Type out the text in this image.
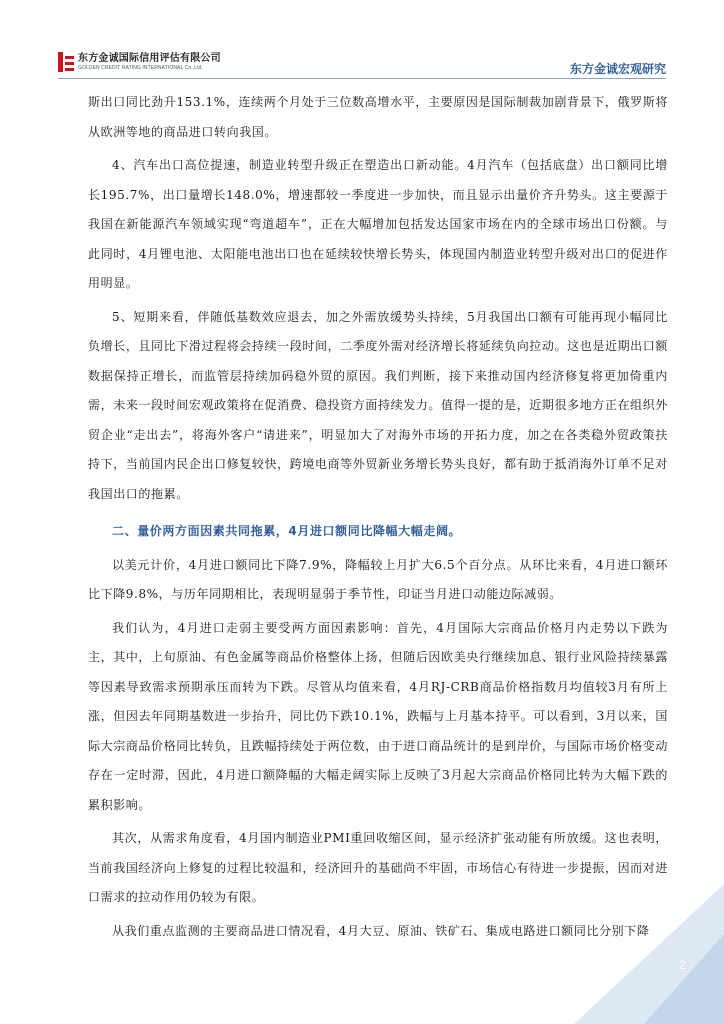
东方金诚国际信用评估有限公司
GOLDEN CREDIT RATING INTERNATIONAL Co.,Ltd.	东方金诚宏观研究

斯出口同比劲升153.1%，连续两个月处于三位数高增水平，主要原因是国际制裁加剧背景下，俄罗斯将从欧洲等地的商品进口转向我国。

4、汽车出口高位提速，制造业转型升级正在塑造出口新动能。4月汽车（包括底盘）出口额同比增长195.7%，出口量增长148.0%，增速都较一季度进一步加快，而且显示出量价齐升势头。这主要源于我国在新能源汽车领域实现“弯道超车”，正在大幅增加包括发达国家市场在内的全球市场出口份额。与此同时，4月锂电池、太阳能电池出口也在延续较快增长势头，体现国内制造业转型升级对出口的促进作用明显。

5、短期来看，伴随低基数效应退去，加之外需放缓势头持续，5月我国出口额有可能再现小幅同比负增长，且同比下滑过程将会持续一段时间，二季度外需对经济增长将延续负向拉动。这也是近期出口额数据保持正增长，而监管层持续加码稳外贸的原因。我们判断，接下来推动国内经济修复将更加倚重内需，未来一段时间宏观政策将在促消费、稳投资方面持续发力。值得一提的是，近期很多地方正在组织外贸企业“走出去”，将海外客户“请进来”，明显加大了对海外市场的开拓力度，加之在各类稳外贸政策扶持下，当前国内民企出口修复较快，跨境电商等外贸新业务增长势头良好，都有助于抵消海外订单不足对我国出口的拖累。

二、量价两方面因素共同拖累，4月进口额同比降幅大幅走阔。

以美元计价，4月进口额同比下降7.9%，降幅较上月扩大6.5个百分点。从环比来看，4月进口额环比下降9.8%，与历年同期相比，表现明显弱于季节性，印证当月进口动能边际减弱。

我们认为，4月进口走弱主要受两方面因素影响：首先，4月国际大宗商品价格月内走势以下跌为主，其中，上旬原油、有色金属等商品价格整体上扬，但随后因欧美央行继续加息、银行业风险持续暴露等因素导致需求预期承压而转为下跌。尽管从均值来看，4月RJ-CRB商品价格指数月均值较3月有所上涨，但因去年同期基数进一步抬升，同比仍下跌10.1%，跌幅与上月基本持平。可以看到，3月以来，国际大宗商品价格同比转负，且跌幅持续处于两位数，由于进口商品统计的是到岸价，与国际市场价格变动存在一定时滞，因此，4月进口额降幅的大幅走阔实际上反映了3月起大宗商品价格同比转为大幅下跌的累积影响。

其次，从需求角度看，4月国内制造业PMI重回收缩区间，显示经济扩张动能有所放缓。这也表明，当前我国经济向上修复的过程比较温和，经济回升的基础尚不牢固，市场信心有待进一步提振，因而对进口需求的拉动作用仍较为有限。

从我们重点监测的主要商品进口情况看，4月大豆、原油、铁矿石、集成电路进口额同比分别下降

2
